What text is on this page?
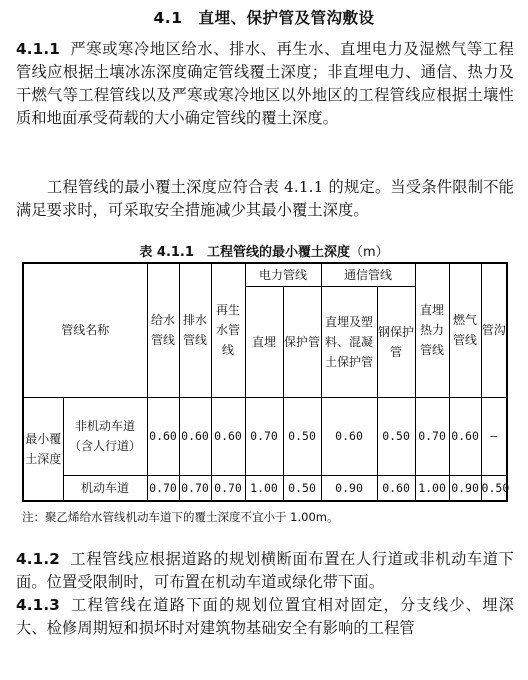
4.1　直埋、保护管及管沟敷设
4.1.1 严寒或寒冷地区给水、排水、再生水、直埋电力及湿燃气等工程管线应根据土壤冰冻深度确定管线覆土深度；非直埋电力、通信、热力及干燃气等工程管线以及严寒或寒冷地区以外地区的工程管线应根据土壤性质和地面承受荷载的大小确定管线的覆土深度。
工程管线的最小覆土深度应符合表 4.1.1 的规定。当受条件限制不能满足要求时，可采取安全措施减少其最小覆土深度。
表 4.1.1　 工程管线的最小覆土深度（m）
管线名称		给水管线	排水管线	再生水管线	电力管线		通信管线		直埋热力管线	燃气管线	管沟
					直埋	保护管	直埋及塑料、混凝土保护管	钢保护管			
最小覆土深度	非机动车道（含人行道）	0.60	0.60	0.60	0.70	0.50	0.60	0.50	0.70	0.60	—
	机动车道	0.70	0.70	0.70	1.00	0.50	0.90	0.60	1.00	0.90	0.50
注：聚乙烯给水管线机动车道下的覆土深度不宜小于 1.00m。
4.1.2 工程管线应根据道路的规划横断面布置在人行道或非机动车道下面。位置受限制时，可布置在机动车道或绿化带下面。
4.1.3 工程管线在道路下面的规划位置宜相对固定，分支线少、埋深大、检修周期短和损坏时对建筑物基础安全有影响的工程管
